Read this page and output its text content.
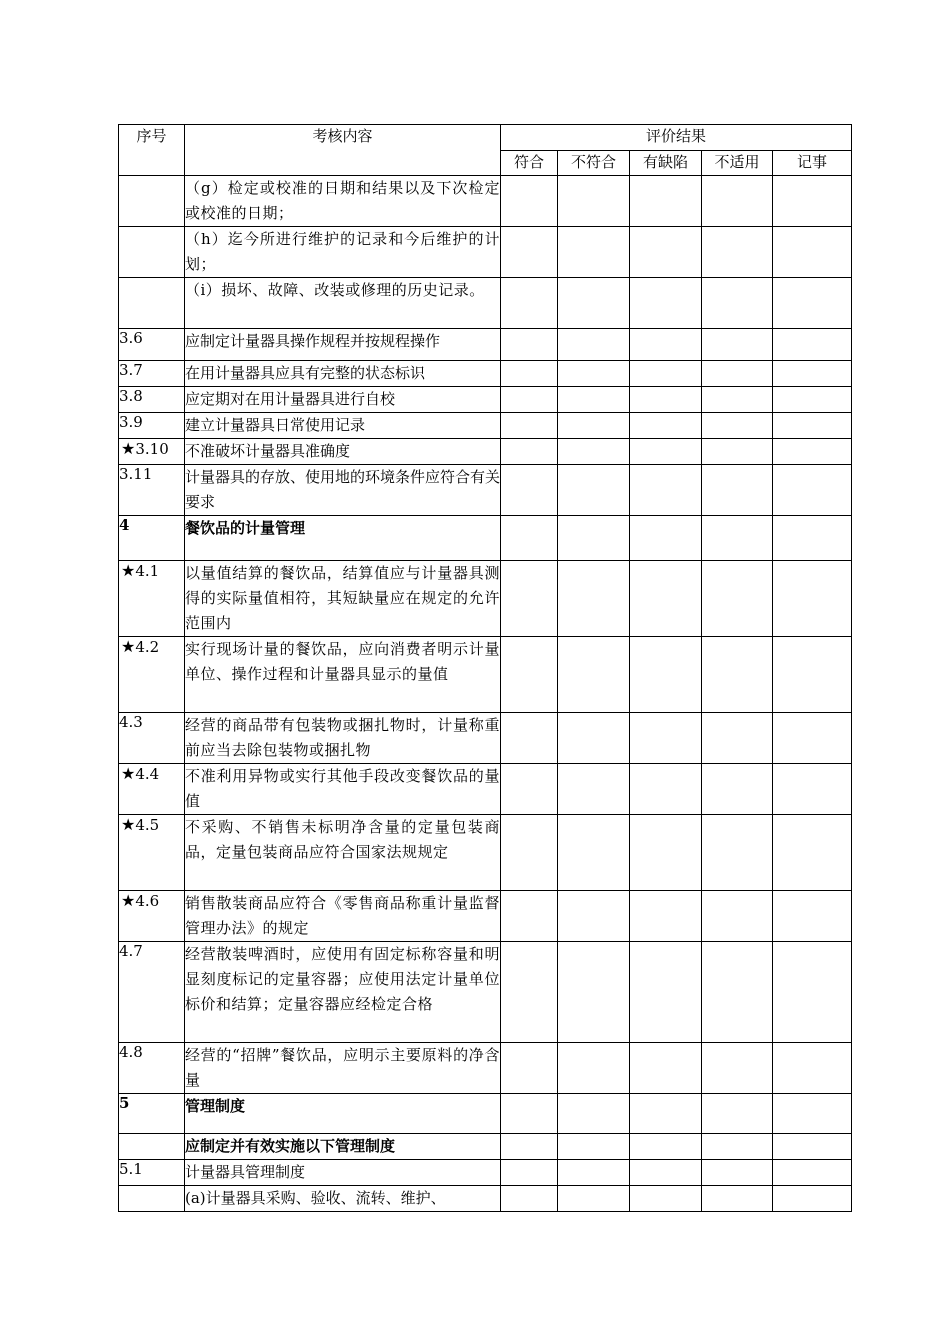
序号	考核内容	评价结果				
		符合	不符合	有缺陷	不适用	记事
	（g）检定或校准的日期和结果以及下次检定或校准的日期；					
	（h）迄今所进行维护的记录和今后维护的计划；					
	（i）损坏、故障、改装或修理的历史记录。					
3.6	应制定计量器具操作规程并按规程操作					
3.7	在用计量器具应具有完整的状态标识					
3.8	应定期对在用计量器具进行自校					
3.9	建立计量器具日常使用记录					
★3.10	不准破坏计量器具准确度					
3.11	计量器具的存放、使用地的环境条件应符合有关要求					
4	餐饮品的计量管理					
★4.1	以量值结算的餐饮品，结算值应与计量器具测得的实际量值相符，其短缺量应在规定的允许范围内					
★4.2	实行现场计量的餐饮品，应向消费者明示计量单位、操作过程和计量器具显示的量值					
4.3	经营的商品带有包装物或捆扎物时，计量称重前应当去除包装物或捆扎物					
★4.4	不准利用异物或实行其他手段改变餐饮品的量值					
★4.5	不采购、不销售未标明净含量的定量包装商品，定量包装商品应符合国家法规规定					
★4.6	销售散装商品应符合《零售商品称重计量监督管理办法》的规定					
4.7	经营散装啤酒时，应使用有固定标称容量和明显刻度标记的定量容器；应使用法定计量单位标价和结算；定量容器应经检定合格					
4.8	经营的“招牌”餐饮品，应明示主要原料的净含量					
5	管理制度					
	应制定并有效实施以下管理制度					
5.1	计量器具管理制度					
	(a)计量器具采购、验收、流转、维护、					
